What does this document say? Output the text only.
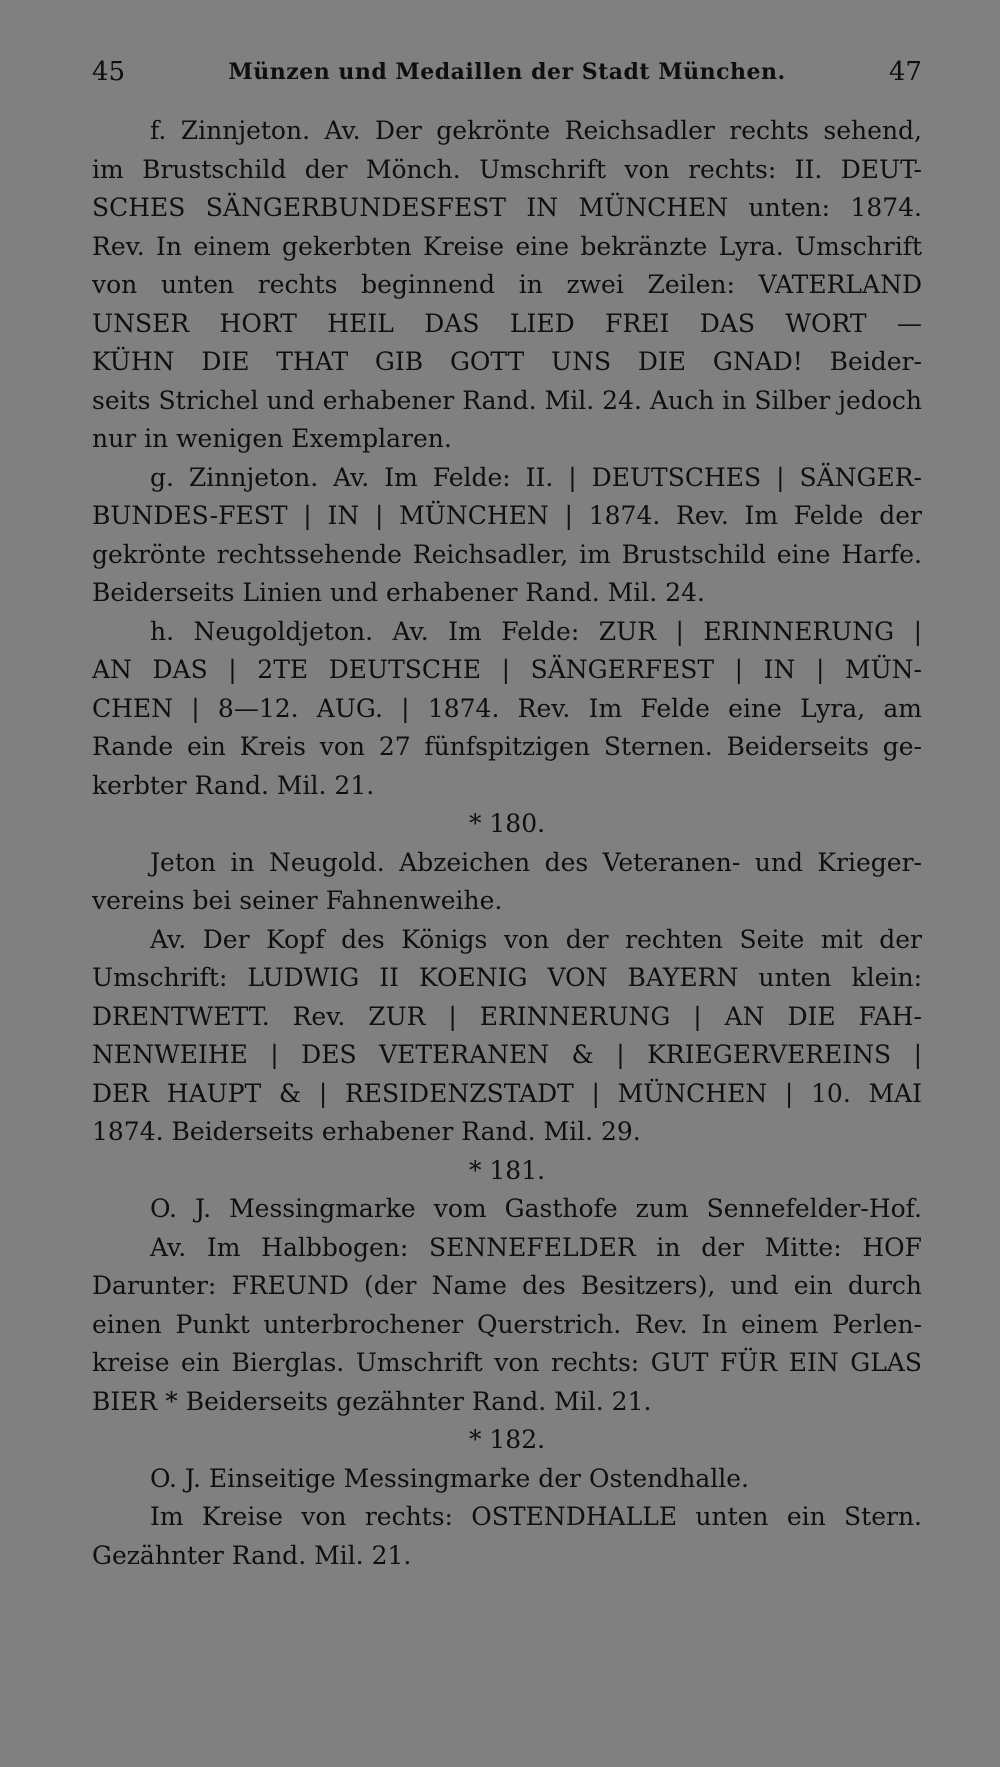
45	Münzen und Medaillen der Stadt München.	47
f. Zinnjeton. Av. Der gekrönte Reichsadler rechts sehend,
im Brustschild der Mönch. Umschrift von rechts: II. DEUT-
SCHES SÄNGERBUNDESFEST IN MÜNCHEN unten: 1874.
Rev. In einem gekerbten Kreise eine bekränzte Lyra. Umschrift
von unten rechts beginnend in zwei Zeilen: VATERLAND
UNSER HORT HEIL DAS LIED FREI DAS WORT —
KÜHN DIE THAT GIB GOTT UNS DIE GNAD! Beider-
seits Strichel und erhabener Rand. Mil. 24. Auch in Silber jedoch
nur in wenigen Exemplaren.
g. Zinnjeton. Av. Im Felde: II. | DEUTSCHES | SÄNGER-
BUNDES-FEST | IN | MÜNCHEN | 1874. Rev. Im Felde der
gekrönte rechtssehende Reichsadler, im Brustschild eine Harfe.
Beiderseits Linien und erhabener Rand. Mil. 24.
h. Neugoldjeton. Av. Im Felde: ZUR | ERINNERUNG |
AN DAS | 2TE DEUTSCHE | SÄNGERFEST | IN | MÜN-
CHEN | 8—12. AUG. | 1874. Rev. Im Felde eine Lyra, am
Rande ein Kreis von 27 fünfspitzigen Sternen. Beiderseits ge-
kerbter Rand. Mil. 21.
* 180.
Jeton in Neugold. Abzeichen des Veteranen- und Krieger-
vereins bei seiner Fahnenweihe.
Av. Der Kopf des Königs von der rechten Seite mit der
Umschrift: LUDWIG II KOENIG VON BAYERN unten klein:
DRENTWETT. Rev. ZUR | ERINNERUNG | AN DIE FAH-
NENWEIHE | DES VETERANEN & | KRIEGERVEREINS |
DER HAUPT & | RESIDENZSTADT | MÜNCHEN | 10. MAI
1874. Beiderseits erhabener Rand. Mil. 29.
* 181.
O. J. Messingmarke vom Gasthofe zum Sennefelder-Hof.
Av. Im Halbbogen: SENNEFELDER in der Mitte: HOF
Darunter: FREUND (der Name des Besitzers), und ein durch
einen Punkt unterbrochener Querstrich. Rev. In einem Perlen-
kreise ein Bierglas. Umschrift von rechts: GUT FÜR EIN GLAS
BIER * Beiderseits gezähnter Rand. Mil. 21.
* 182.
O. J. Einseitige Messingmarke der Ostendhalle.
Im Kreise von rechts: OSTENDHALLE unten ein Stern.
Gezähnter Rand. Mil. 21.
